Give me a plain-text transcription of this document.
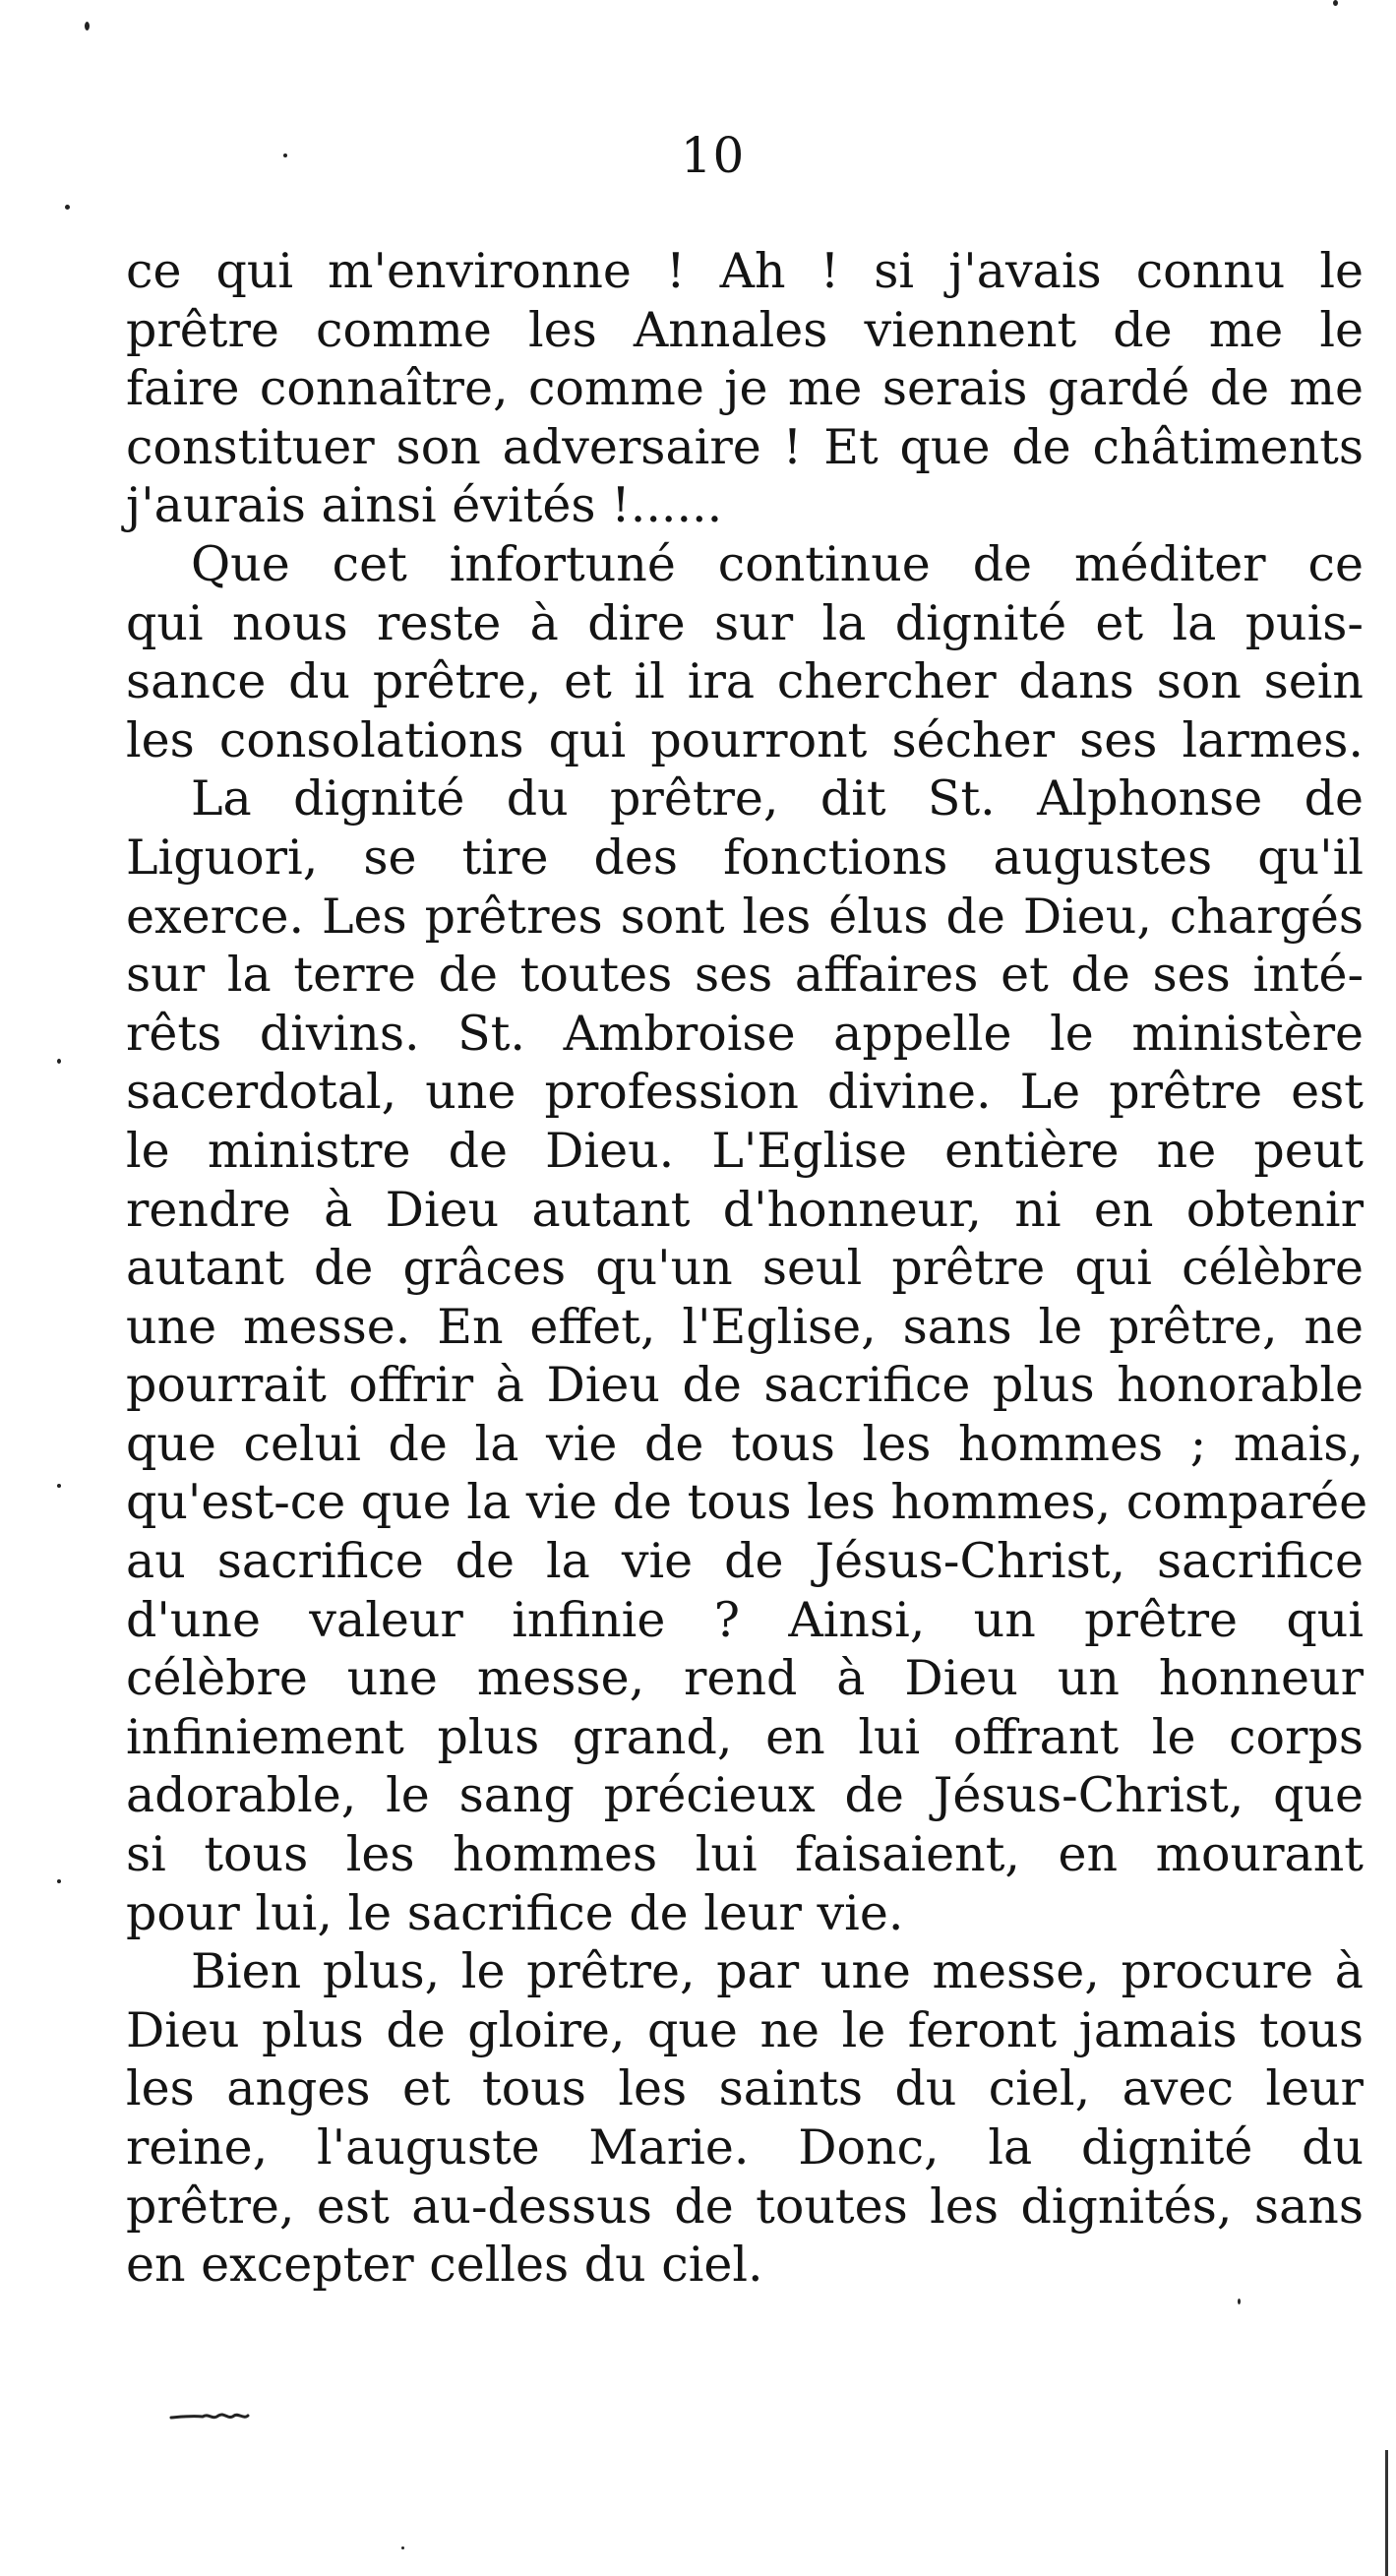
10
ce qui m'environne ! Ah ! si j'avais connu le
prêtre comme les Annales viennent de me le
faire connaître, comme je me serais gardé de me
constituer son adversaire ! Et que de châtiments
j'aurais ainsi évités !......
Que cet infortuné continue de méditer ce
qui nous reste à dire sur la dignité et la puis-
sance du prêtre, et il ira chercher dans son sein
les consolations qui pourront sécher ses larmes.
La dignité du prêtre, dit St. Alphonse de
Liguori, se tire des fonctions augustes qu'il
exerce. Les prêtres sont les élus de Dieu, chargés
sur la terre de toutes ses affaires et de ses inté-
rêts divins. St. Ambroise appelle le ministère
sacerdotal, une profession divine. Le prêtre est
le ministre de Dieu. L'Eglise entière ne peut
rendre à Dieu autant d'honneur, ni en obtenir
autant de grâces qu'un seul prêtre qui célèbre
une messe. En effet, l'Eglise, sans le prêtre, ne
pourrait offrir à Dieu de sacrifice plus honorable
que celui de la vie de tous les hommes ; mais,
qu'est-ce que la vie de tous les hommes, comparée
au sacrifice de la vie de Jésus-Christ, sacrifice
d'une valeur infinie ? Ainsi, un prêtre qui
célèbre une messe, rend à Dieu un honneur
infiniement plus grand, en lui offrant le corps
adorable, le sang précieux de Jésus-Christ, que
si tous les hommes lui faisaient, en mourant
pour lui, le sacrifice de leur vie.
Bien plus, le prêtre, par une messe, procure à
Dieu plus de gloire, que ne le feront jamais tous
les anges et tous les saints du ciel, avec leur
reine, l'auguste Marie. Donc, la dignité du
prêtre, est au-dessus de toutes les dignités, sans
en excepter celles du ciel.
